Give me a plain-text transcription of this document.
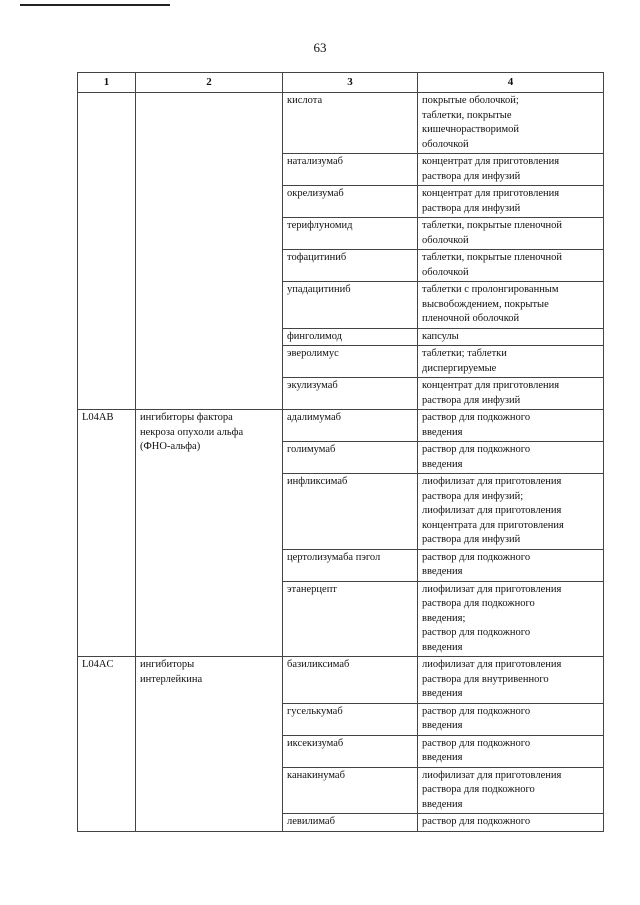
63
1	2	3	4
		кислота	покрытые оболочкой;
таблетки, покрытые
кишечнорастворимой
оболочкой
		натализумаб	концентрат для приготовления
раствора для инфузий
		окрелизумаб	концентрат для приготовления
раствора для инфузий
		терифлуномид	таблетки, покрытые пленочной
оболочкой
		тофацитиниб	таблетки, покрытые пленочной
оболочкой
		упадацитиниб	таблетки с пролонгированным
высвобождением, покрытые
пленочной оболочкой
		финголимод	капсулы
		эверолимус	таблетки; таблетки
диспергируемые
		экулизумаб	концентрат для приготовления
раствора для инфузий
L04AB	ингибиторы фактора
некроза опухоли альфа
(ФНО-альфа)	адалимумаб	раствор для подкожного
введения
		голимумаб	раствор для подкожного
введения
		инфликсимаб	лиофилизат для приготовления
раствора для инфузий;
лиофилизат для приготовления
концентрата для приготовления
раствора для инфузий
		цертолизумаба пэгол	раствор для подкожного
введения
		этанерцепт	лиофилизат для приготовления
раствора для подкожного
введения;
раствор для подкожного
введения
L04AC	ингибиторы
интерлейкина	базиликсимаб	лиофилизат для приготовления
раствора для внутривенного
введения
		гуселькумаб	раствор для подкожного
введения
		иксекизумаб	раствор для подкожного
введения
		канакинумаб	лиофилизат для приготовления
раствора для подкожного
введения
		левилимаб	раствор для подкожного
